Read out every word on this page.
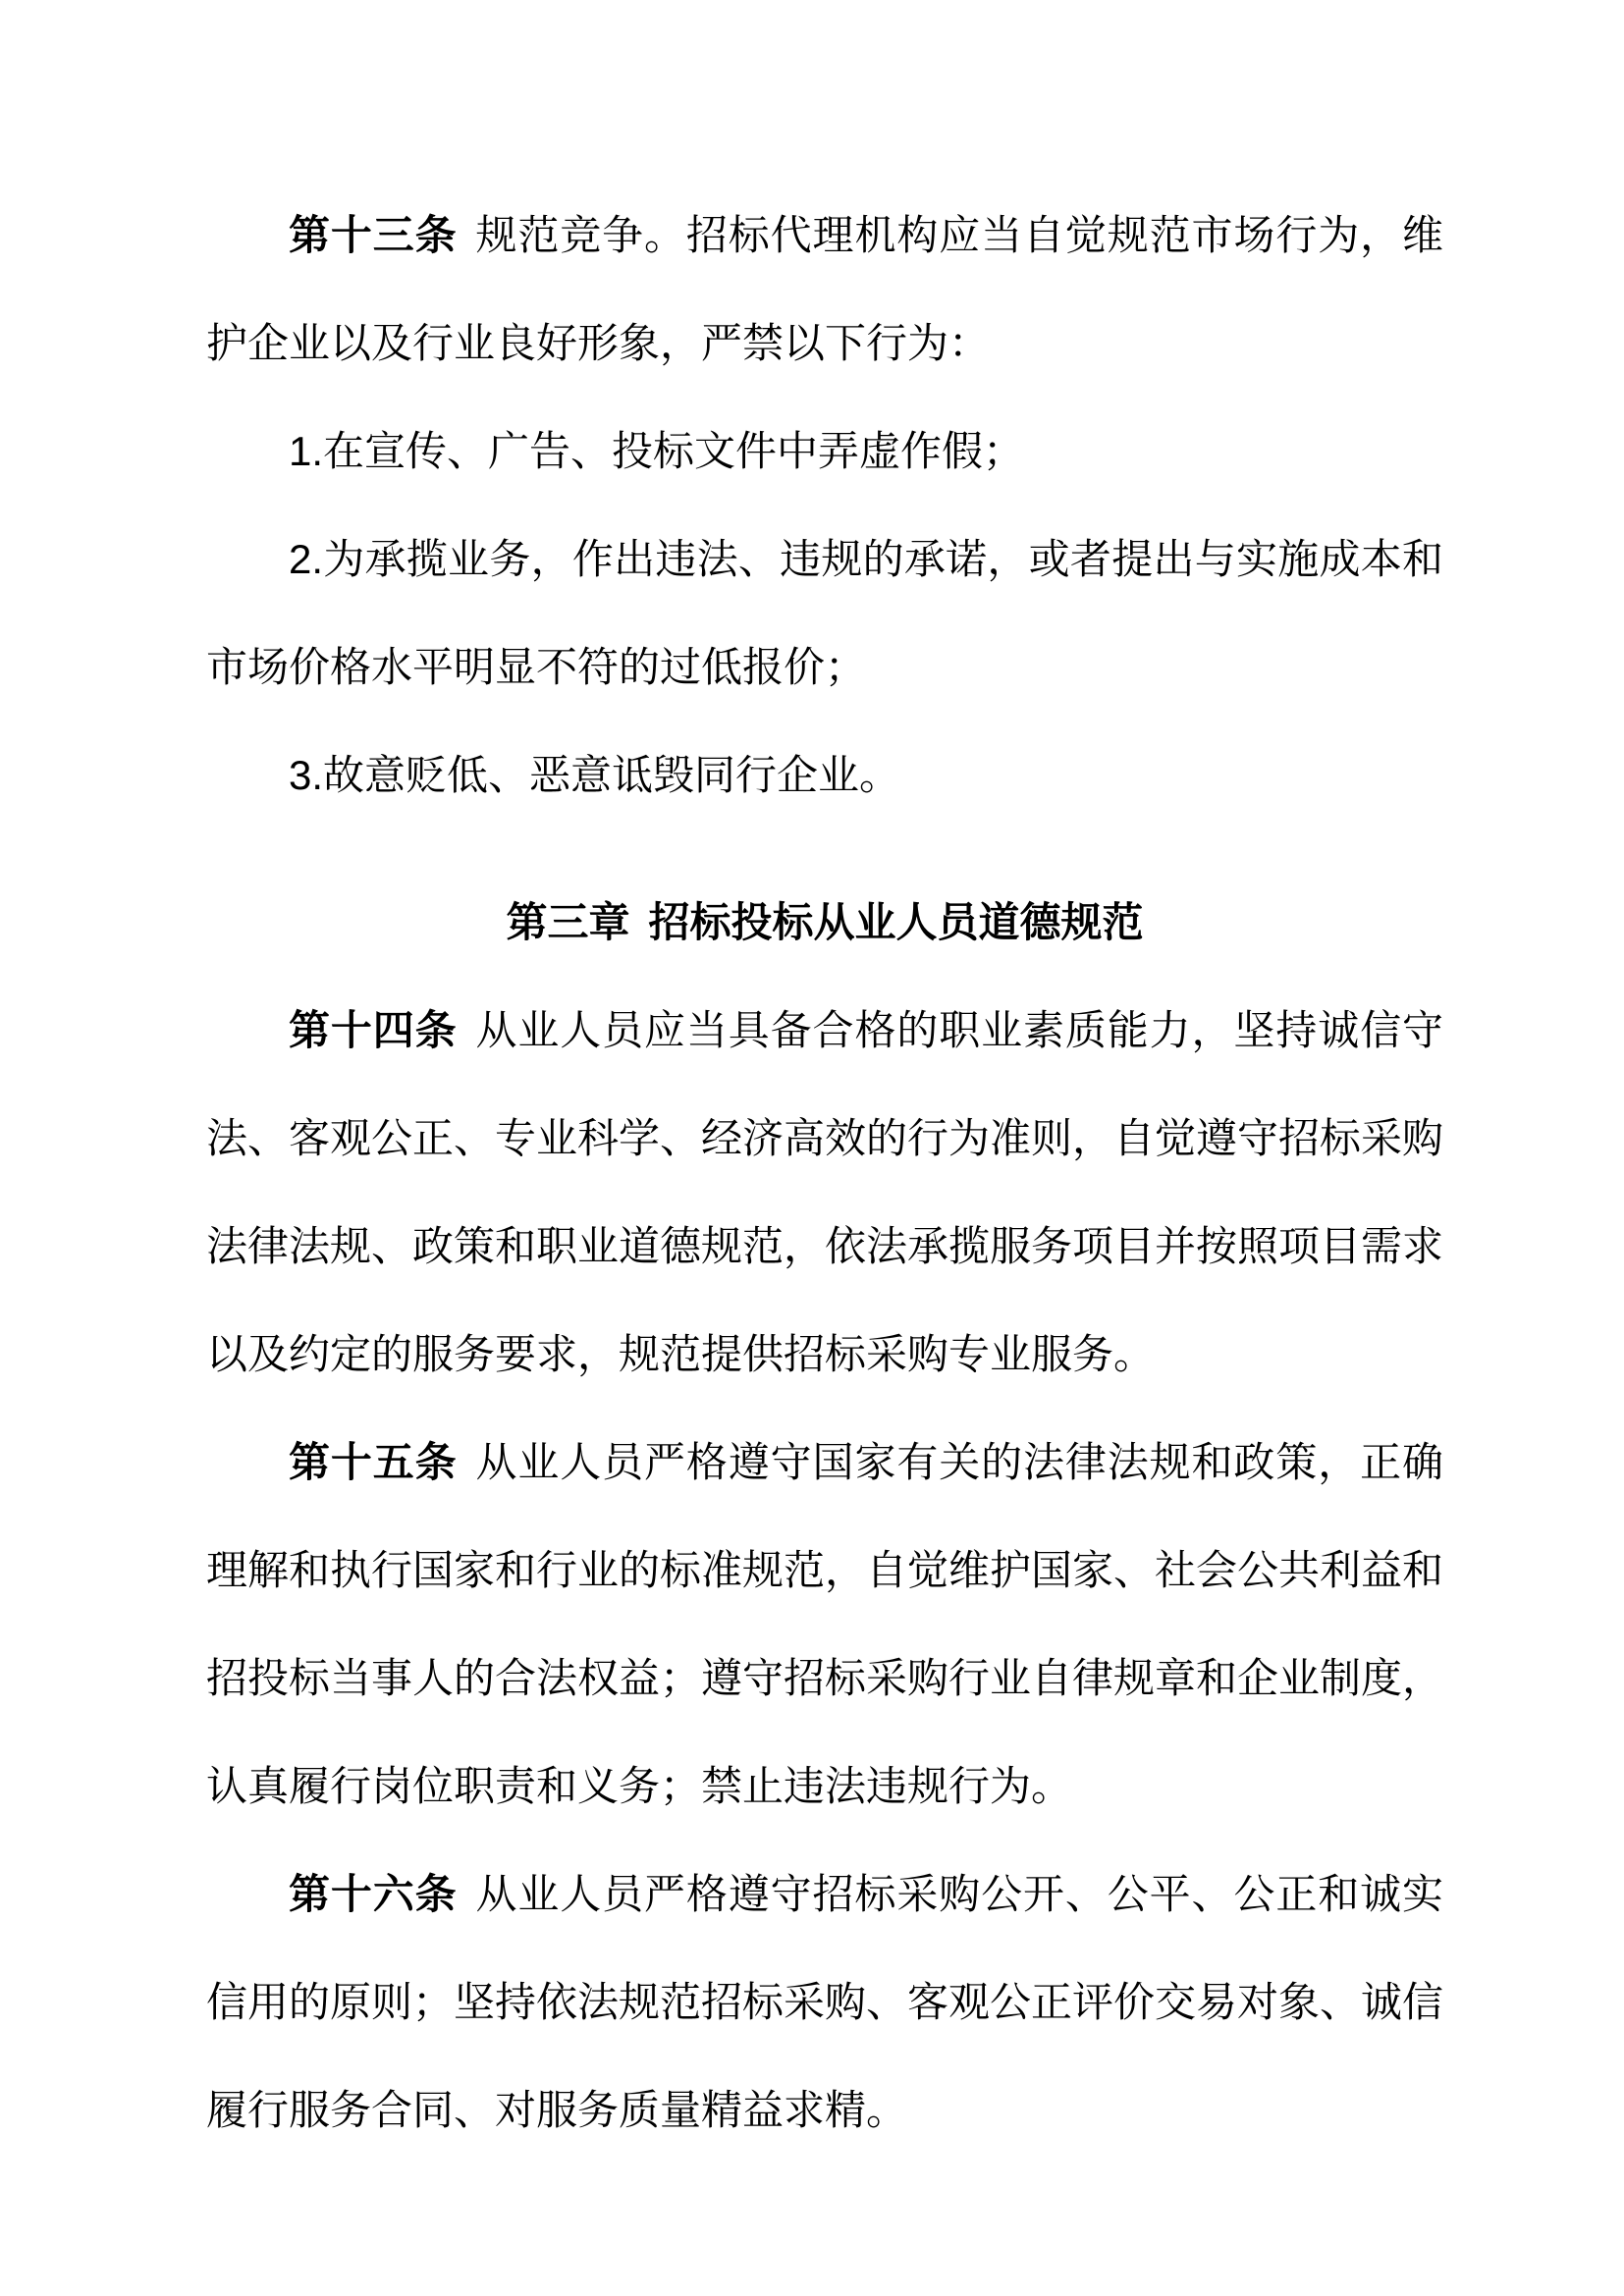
第十三条 规范竞争。招标代理机构应当自觉规范市场行为，维护企业以及行业良好形象，严禁以下行为：

1.在宣传、广告、投标文件中弄虚作假；

2.为承揽业务，作出违法、违规的承诺，或者提出与实施成本和市场价格水平明显不符的过低报价；

3.故意贬低、恶意诋毁同行企业。

第三章 招标投标从业人员道德规范

第十四条 从业人员应当具备合格的职业素质能力，坚持诚信守法、客观公正、专业科学、经济高效的行为准则，自觉遵守招标采购法律法规、政策和职业道德规范，依法承揽服务项目并按照项目需求以及约定的服务要求，规范提供招标采购专业服务。

第十五条 从业人员严格遵守国家有关的法律法规和政策，正确理解和执行国家和行业的标准规范，自觉维护国家、社会公共利益和招投标当事人的合法权益；遵守招标采购行业自律规章和企业制度，认真履行岗位职责和义务；禁止违法违规行为。

第十六条 从业人员严格遵守招标采购公开、公平、公正和诚实信用的原则；坚持依法规范招标采购、客观公正评价交易对象、诚信履行服务合同、对服务质量精益求精。
